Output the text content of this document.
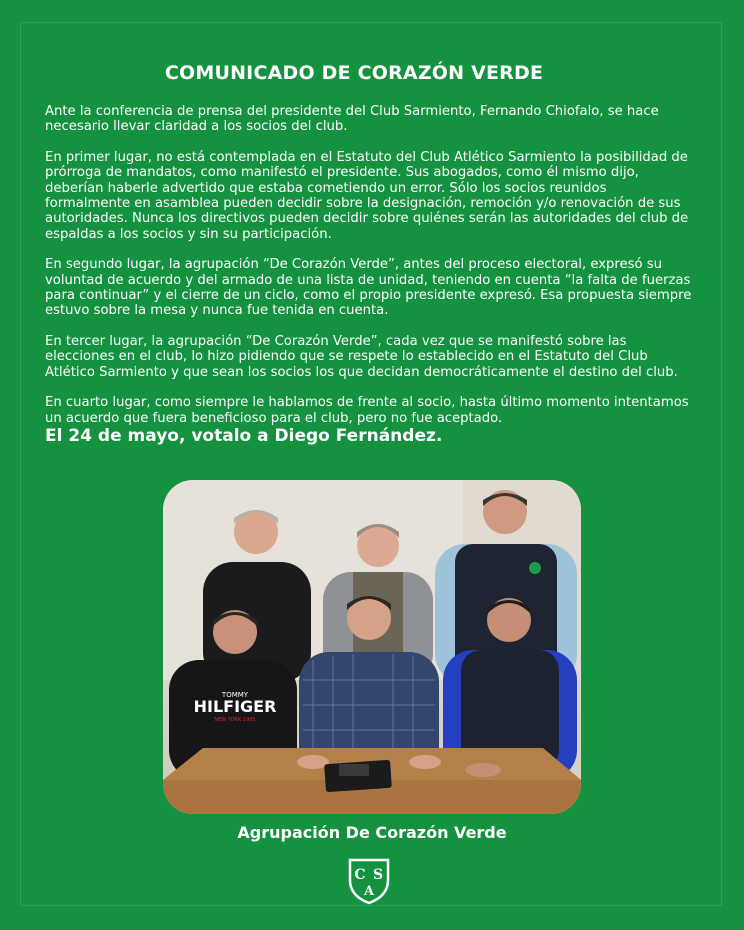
COMUNICADO DE CORAZÓN VERDE

Ante la conferencia de prensa del presidente del Club Sarmiento, Fernando Chiofalo, se hace necesario llevar claridad a los socios del club.

En primer lugar, no está contemplada en el Estatuto del Club Atlético Sarmiento la posibilidad de prórroga de mandatos, como manifestó el presidente. Sus abogados, como él mismo dijo, deberían haberle advertido que estaba cometiendo un error. Sólo los socios reunidos formalmente en asamblea pueden decidir sobre la designación, remoción y/o renovación de sus autoridades. Nunca los directivos pueden decidir sobre quiénes serán las autoridades del club de espaldas a los socios y sin su participación.

En segundo lugar, la agrupación “De Corazón Verde”, antes del proceso electoral, expresó su voluntad de acuerdo y del armado de una lista de unidad, teniendo en cuenta “la falta de fuerzas para continuar” y el cierre de un ciclo, como el propio presidente expresó. Esa propuesta siempre estuvo sobre la mesa y nunca fue tenida en cuenta.

En tercer lugar, la agrupación “De Corazón Verde”, cada vez que se manifestó sobre las elecciones en el club, lo hizo pidiendo que se respete lo establecido en el Estatuto del Club Atlético Sarmiento y que sean los socios los que decidan democráticamente el destino del club.

En cuarto lugar, como siempre le hablamos de frente al socio, hasta último momento intentamos un acuerdo que fuera beneficioso para el club, pero no fue aceptado.

El 24 de mayo, votalo a Diego Fernández.

TOMMY
HILFIGER
NEW YORK 1985

Agrupación De Corazón Verde

C S
A
